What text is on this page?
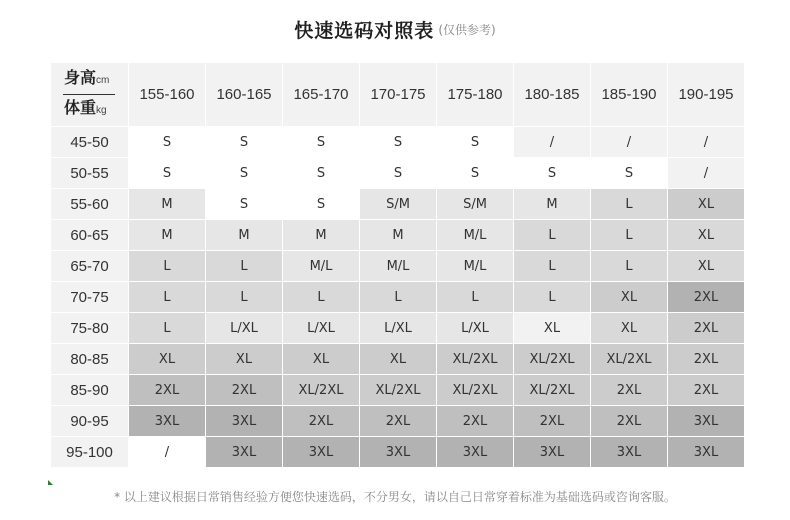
快速选码对照表 (仅供参考)
身高cm
体重kg	155-160	160-165	165-170	170-175	175-180	180-185	185-190	190-195
45-50	S	S	S	S	S	/	/	/
50-55	S	S	S	S	S	S	S	/
55-60	M	S	S	S/M	S/M	M	L	XL
60-65	M	M	M	M	M/L	L	L	XL
65-70	L	L	M/L	M/L	M/L	L	L	XL
70-75	L	L	L	L	L	L	XL	2XL
75-80	L	L/XL	L/XL	L/XL	L/XL	XL	XL	2XL
80-85	XL	XL	XL	XL	XL/2XL	XL/2XL	XL/2XL	2XL
85-90	2XL	2XL	XL/2XL	XL/2XL	XL/2XL	XL/2XL	2XL	2XL
90-95	3XL	3XL	2XL	2XL	2XL	2XL	2XL	3XL
95-100	/	3XL	3XL	3XL	3XL	3XL	3XL	3XL
* 以上建议根据日常销售经验方便您快速选码，不分男女，请以自己日常穿着标准为基础选码或咨询客服。
